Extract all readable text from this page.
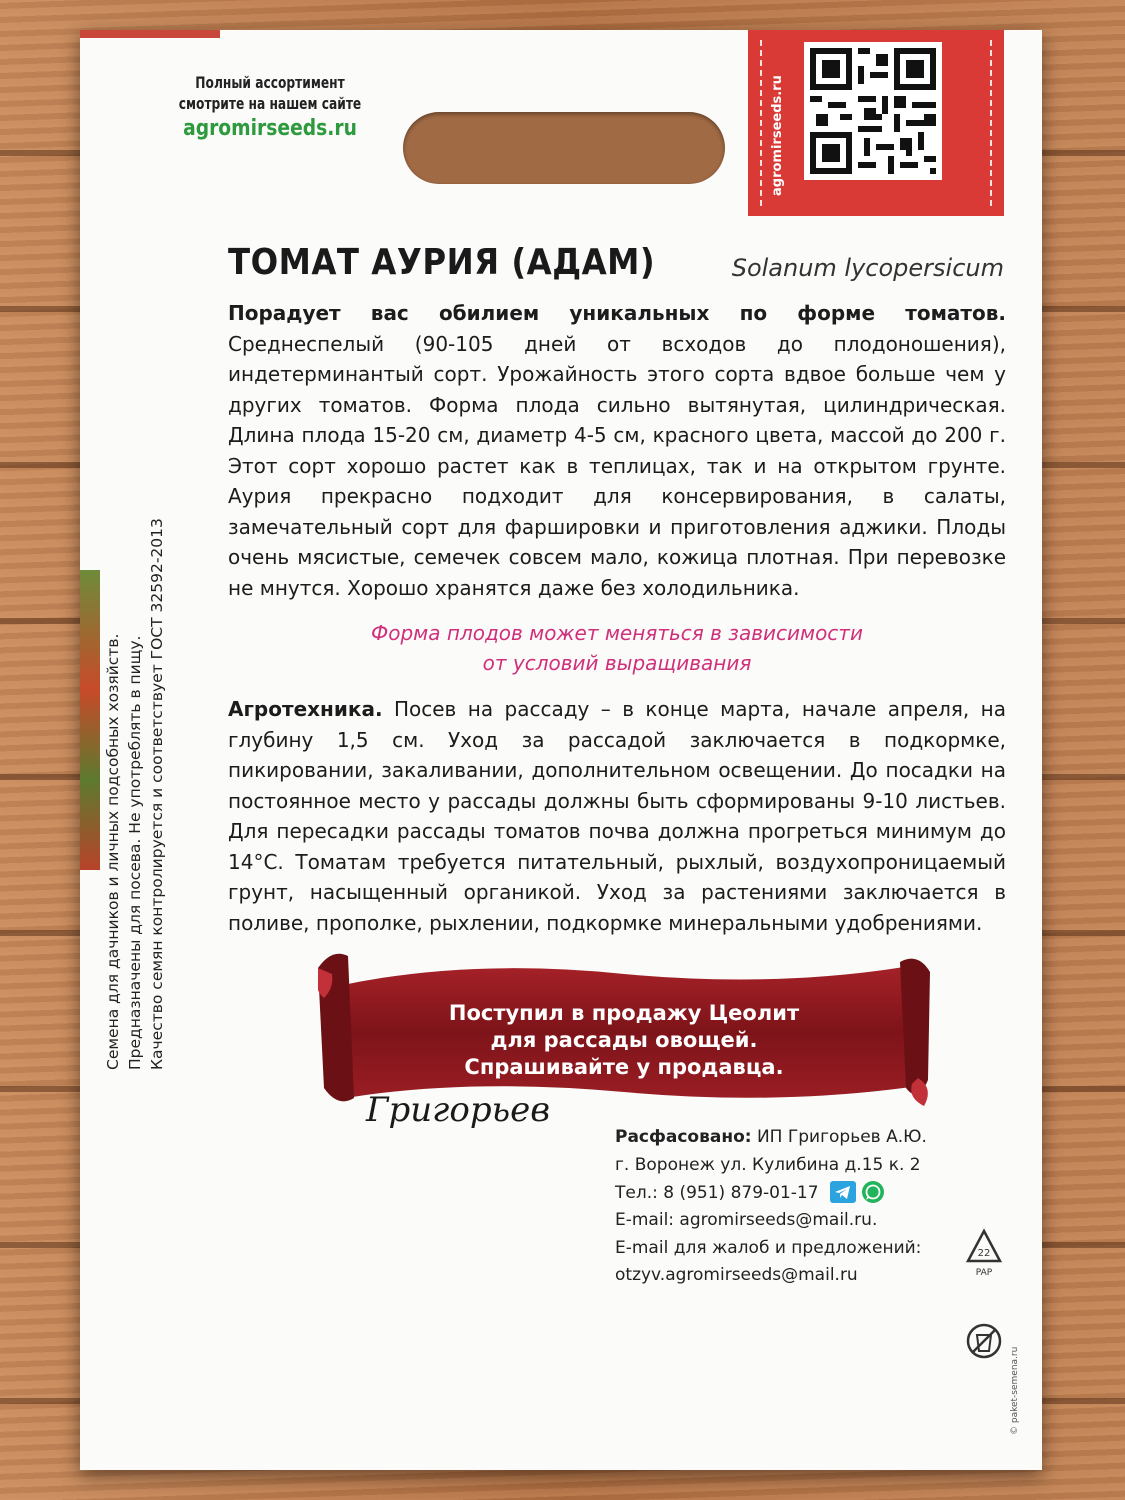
Полный ассортимент
смотрите на нашем сайте
agromirseeds.ru	agromirseeds.ru
ТОМАТ АУРИЯ (АДАМ)	Solanum lycopersicum
Порадует вас обилием уникальных по форме томатов. Среднеспелый (90-105 дней от всходов до плодоношения), индетерминантый сорт. Урожайность этого сорта вдвое больше чем у других томатов. Форма плода сильно вытянутая, цилиндрическая. Длина плода 15-20 см, диаметр 4-5 см, красного цвета, массой до 200 г. Этот сорт хорошо растет как в теплицах, так и на открытом грунте. Аурия прекрасно подходит для консервирования, в салаты, замечательный сорт для фаршировки и приготовления аджики. Плоды очень мясистые, семечек совсем мало, кожица плотная. При перевозке не мнутся. Хорошо хранятся даже без холодильника.
Форма плодов может меняться в зависимости
от условий выращивания
Агротехника. Посев на рассаду – в конце марта, начале апреля, на глубину 1,5 см. Уход за рассадой заключается в подкормке, пикировании, закаливании, дополнительном освещении. До посадки на постоянное место у рассады должны быть сформированы 9-10 листьев. Для пересадки рассады томатов почва должна прогреться минимум до 14°С. Томатам требуется питательный, рыхлый, воздухопроницаемый грунт, насыщенный органикой. Уход за растениями заключается в поливе, прополке, рыхлении, подкормке минеральными удобрениями.
Семена для дачников и личных подсобных хозяйств. Предназначены для посева. Не употреблять в пищу. Качество семян контролируется и соответствует ГОСТ 32592-2013	Поступил в продажу Цеолит
для рассады овощей.
Спрашивайте у продавца.
Григорьев
Расфасовано: ИП Григорьев А.Ю.
г. Воронеж ул. Кулибина д.15 к. 2
Тел.: 8 (951) 879-01-17
E-mail: agromirseeds@mail.ru.
E-mail для жалоб и предложений:
otzyv.agromirseeds@mail.ru
22
PAP
© paket-semena.ru
